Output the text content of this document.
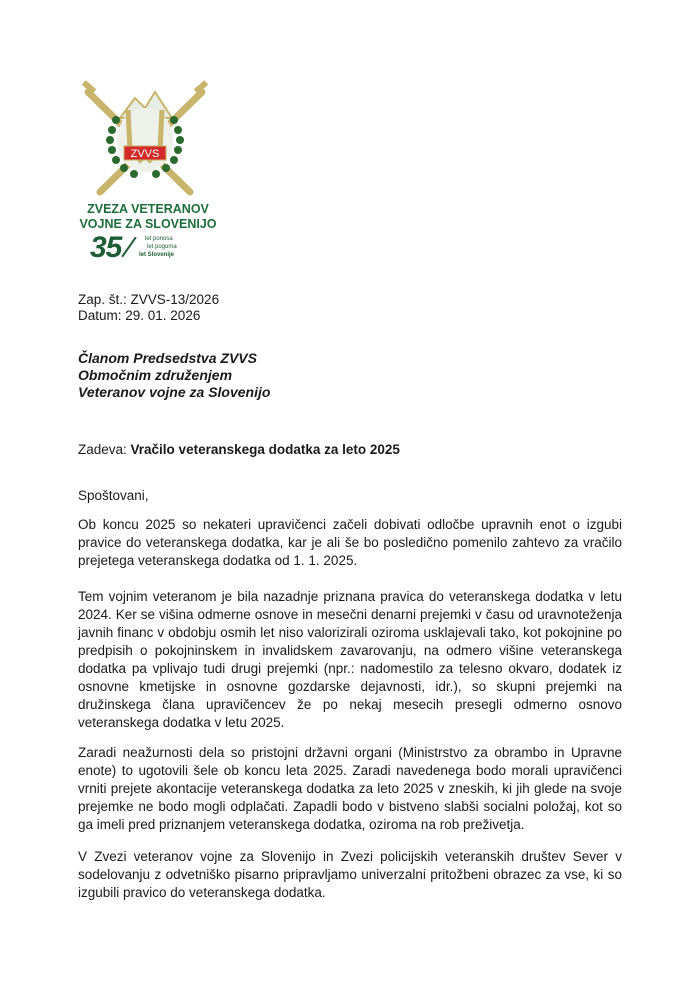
ZVVS
ZVEZA VETERANOV
VOJNE ZA SLOVENIJO
35	let ponosa
let poguma
let Slovenije
Zap. št.: ZVVS-13/2026
Datum: 29. 01. 2026
Članom Predsedstva ZVVS
Območnim združenjem
Veteranov vojne za Slovenijo
Zadeva: Vračilo veteranskega dodatka za leto 2025
Spoštovani,
Ob koncu 2025 so nekateri upravičenci začeli dobivati odločbe upravnih enot o izgubi pravice do veteranskega dodatka, kar je ali še bo posledično pomenilo zahtevo za vračilo prejetega veteranskega dodatka od 1. 1. 2025.
Tem vojnim veteranom je bila nazadnje priznana pravica do veteranskega dodatka v letu 2024. Ker se višina odmerne osnove in mesečni denarni prejemki v času od uravnoteženja javnih financ v obdobju osmih let niso valorizirali oziroma usklajevali tako, kot pokojnine po predpisih o pokojninskem in invalidskem zavarovanju, na odmero višine veteranskega dodatka pa vplivajo tudi drugi prejemki (npr.: nadomestilo za telesno okvaro, dodatek iz osnovne kmetijske in osnovne gozdarske dejavnosti, idr.), so skupni prejemki na družinskega člana upravičencev že po nekaj mesecih presegli odmerno osnovo veteranskega dodatka v letu 2025.
Zaradi neažurnosti dela so pristojni državni organi (Ministrstvo za obrambo in Upravne enote) to ugotovili šele ob koncu leta 2025. Zaradi navedenega bodo morali upravičenci vrniti prejete akontacije veteranskega dodatka za leto 2025 v zneskih, ki jih glede na svoje prejemke ne bodo mogli odplačati. Zapadli bodo v bistveno slabši socialni položaj, kot so ga imeli pred priznanjem veteranskega dodatka, oziroma na rob preživetja.
V Zvezi veteranov vojne za Slovenijo in Zvezi policijskih veteranskih društev Sever v sodelovanju z odvetniško pisarno pripravljamo univerzalni pritožbeni obrazec za vse, ki so izgubili pravico do veteranskega dodatka.
